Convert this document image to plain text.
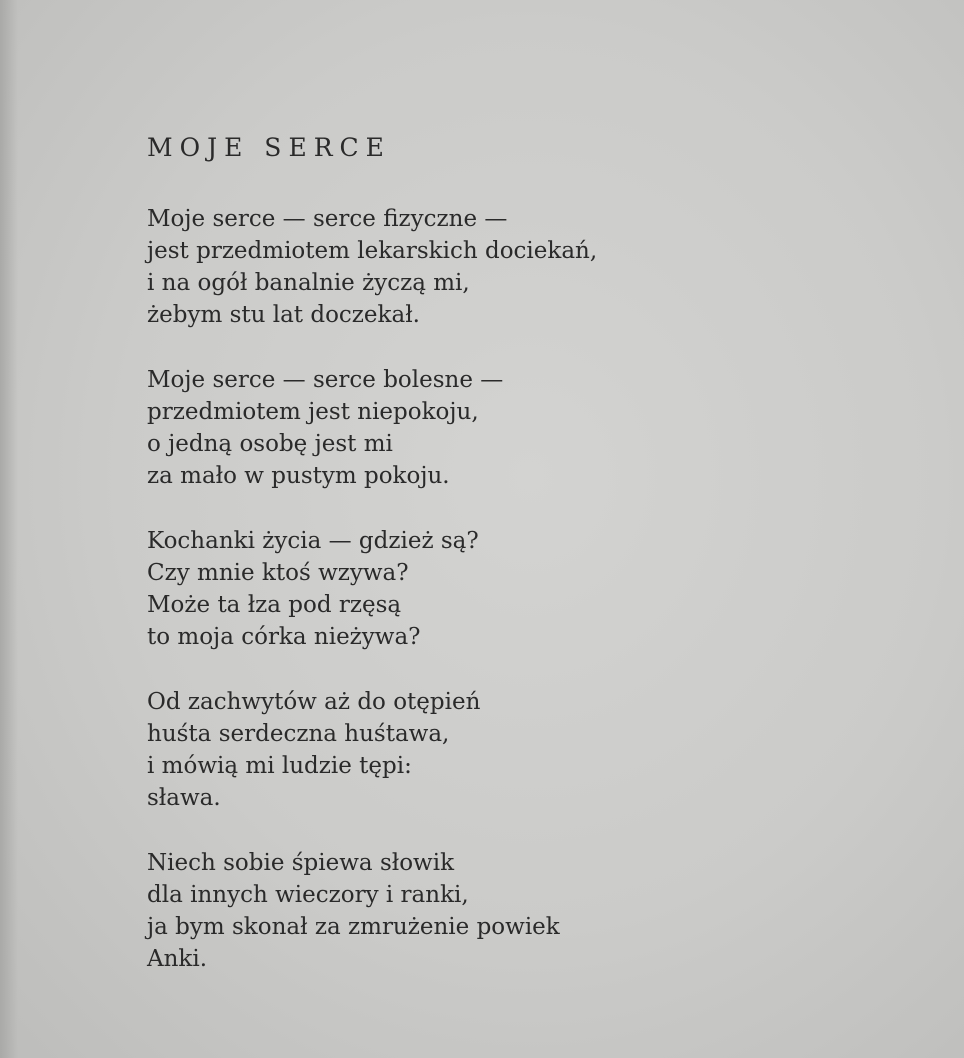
MOJE SERCE
Moje serce — serce fizyczne —
jest przedmiotem lekarskich dociekań,
i na ogół banalnie życzą mi,
żebym stu lat doczekał.
Moje serce — serce bolesne —
przedmiotem jest niepokoju,
o jedną osobę jest mi
za mało w pustym pokoju.
Kochanki życia — gdzież są?
Czy mnie ktoś wzywa?
Może ta łza pod rzęsą
to moja córka nieżywa?
Od zachwytów aż do otępień
huśta serdeczna huśtawa,
i mówią mi ludzie tępi:
sława.
Niech sobie śpiewa słowik
dla innych wieczory i ranki,
ja bym skonał za zmrużenie powiek
Anki.
